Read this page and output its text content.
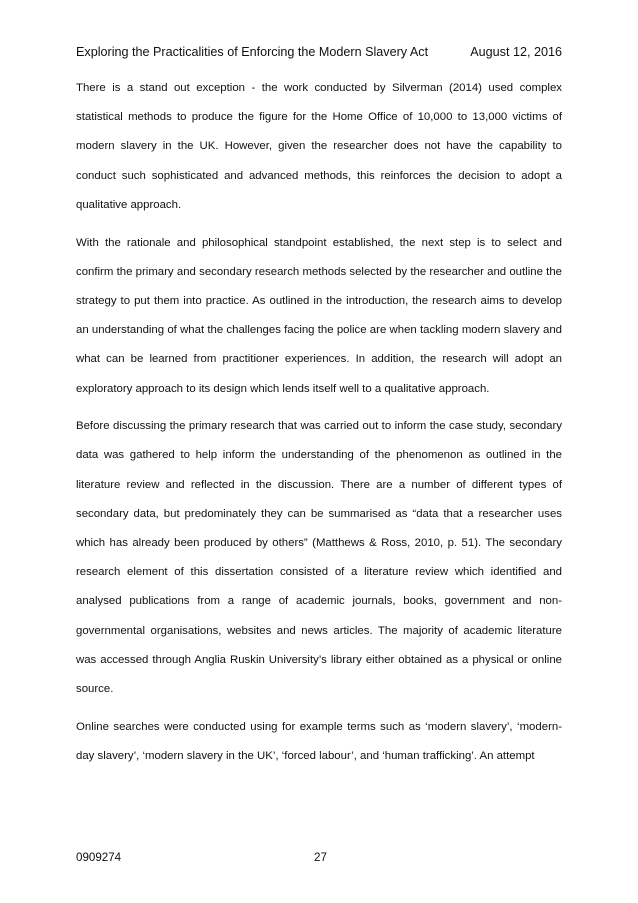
Exploring the Practicalities of Enforcing the Modern Slavery Act	August 12, 2016

There is a stand out exception - the work conducted by Silverman (2014) used complex statistical methods to produce the figure for the Home Office of 10,000 to 13,000 victims of modern slavery in the UK. However, given the researcher does not have the capability to conduct such sophisticated and advanced methods, this reinforces the decision to adopt a qualitative approach.

With the rationale and philosophical standpoint established, the next step is to select and confirm the primary and secondary research methods selected by the researcher and outline the strategy to put them into practice. As outlined in the introduction, the research aims to develop an understanding of what the challenges facing the police are when tackling modern slavery and what can be learned from practitioner experiences. In addition, the research will adopt an exploratory approach to its design which lends itself well to a qualitative approach.

Before discussing the primary research that was carried out to inform the case study, secondary data was gathered to help inform the understanding of the phenomenon as outlined in the literature review and reflected in the discussion. There are a number of different types of secondary data, but predominately they can be summarised as “data that a researcher uses which has already been produced by others” (Matthews & Ross, 2010, p. 51). The secondary research element of this dissertation consisted of a literature review which identified and analysed publications from a range of academic journals, books, government and non-governmental organisations, websites and news articles. The majority of academic literature was accessed through Anglia Ruskin University’s library either obtained as a physical or online source.

Online searches were conducted using for example terms such as ‘modern slavery’, ‘modern-day slavery’, ‘modern slavery in the UK’, ‘forced labour’, and ‘human trafficking’. An attempt

0909274	27
